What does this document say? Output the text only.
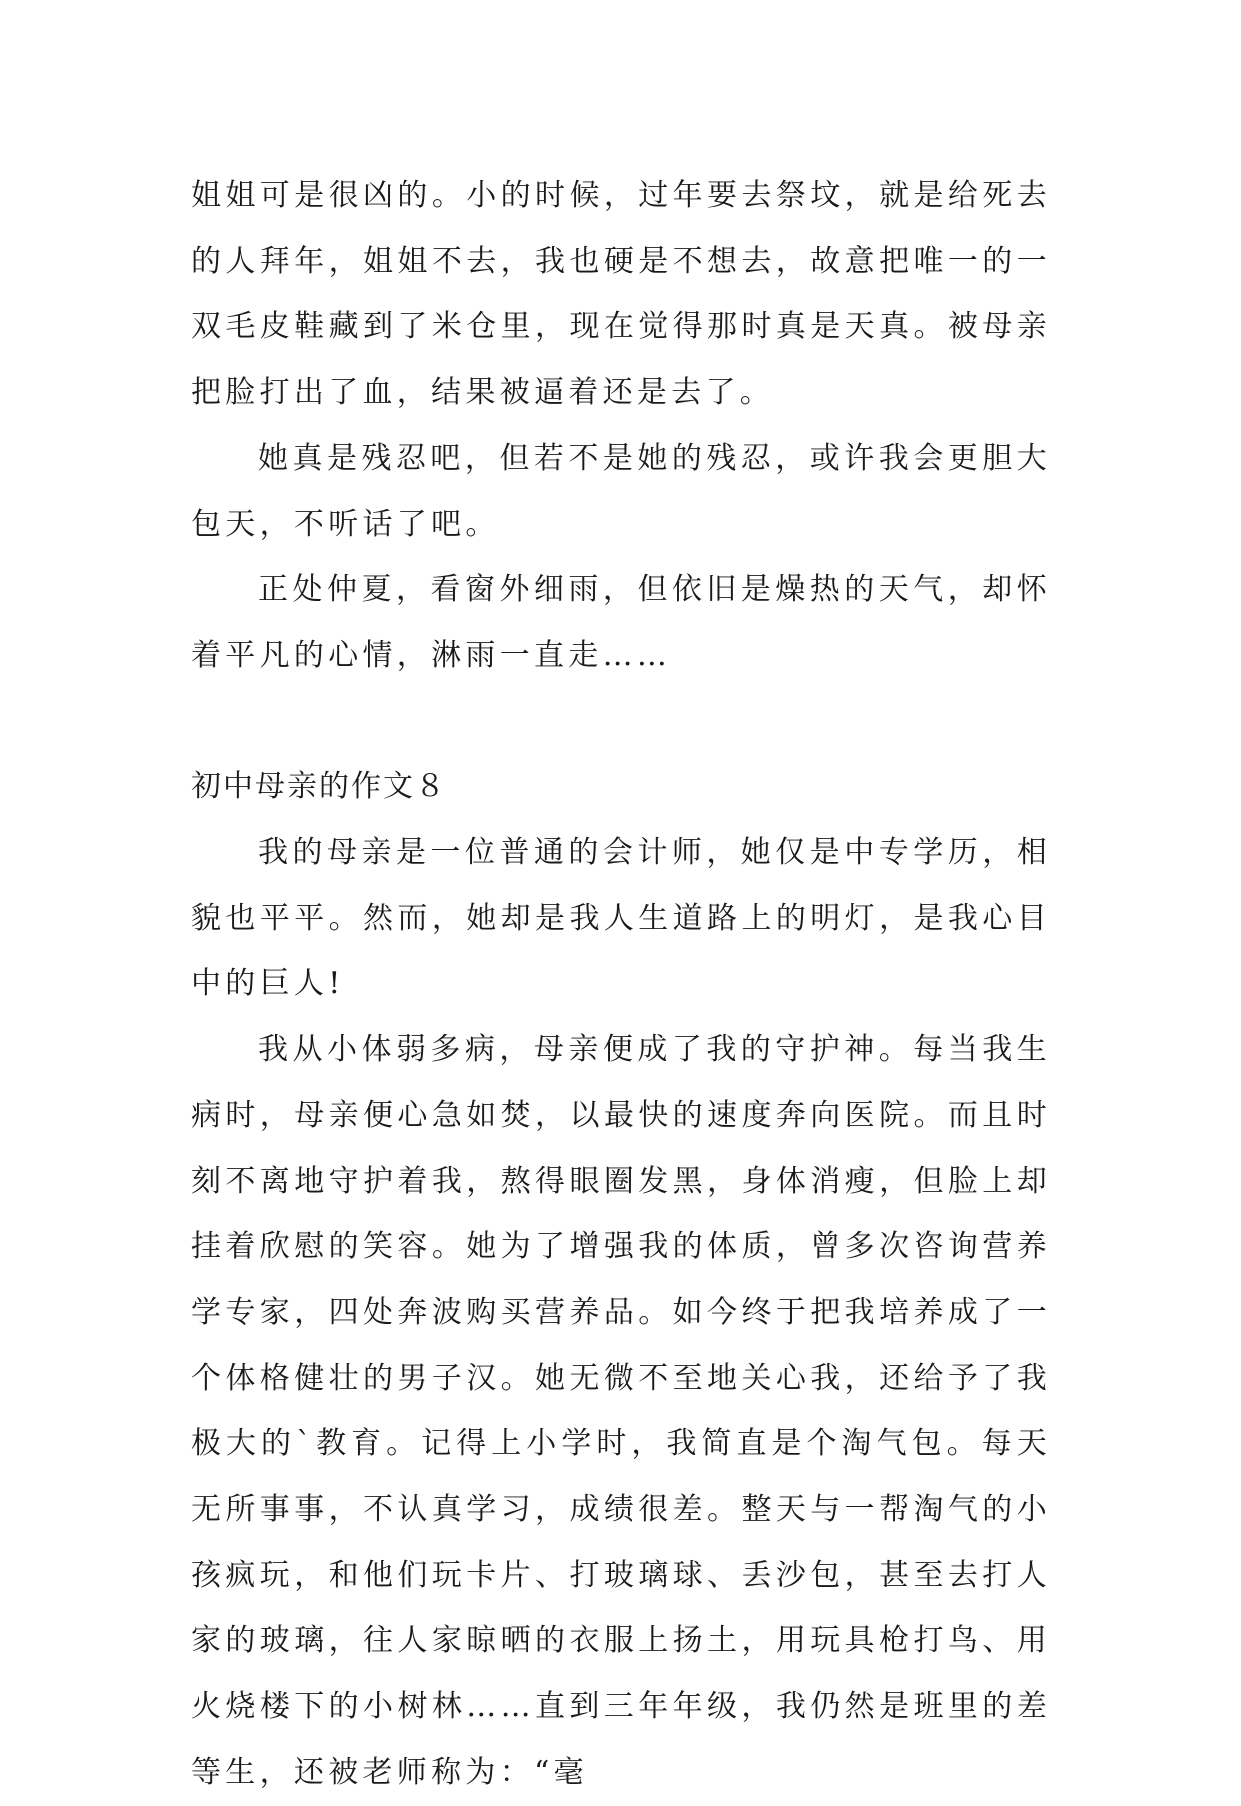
姐姐可是很凶的。小的时候，过年要去祭坟，就是给死去的人拜年，姐姐不去，我也硬是不想去，故意把唯一的一双毛皮鞋藏到了米仓里，现在觉得那时真是天真。被母亲把脸打出了血，结果被逼着还是去了。

她真是残忍吧，但若不是她的残忍，或许我会更胆大包天，不听话了吧。

正处仲夏，看窗外细雨，但依旧是燥热的天气，却怀着平凡的心情，淋雨一直走……

初中母亲的作文８

我的母亲是一位普通的会计师，她仅是中专学历，相貌也平平。然而，她却是我人生道路上的明灯，是我心目中的巨人!

我从小体弱多病，母亲便成了我的守护神。每当我生病时，母亲便心急如焚，以最快的速度奔向医院。而且时刻不离地守护着我，熬得眼圈发黑，身体消瘦，但脸上却挂着欣慰的笑容。她为了增强我的体质，曾多次咨询营养学专家，四处奔波购买营养品。如今终于把我培养成了一个体格健壮的男子汉。她无微不至地关心我，还给予了我极大的`教育。记得上小学时，我简直是个淘气包。每天无所事事，不认真学习，成绩很差。整天与一帮淘气的小孩疯玩，和他们玩卡片、打玻璃球、丢沙包，甚至去打人家的玻璃，往人家晾晒的衣服上扬土，用玩具枪打鸟、用火烧楼下的小树林……直到三年年级，我仍然是班里的差等生，还被老师称为：“毫
